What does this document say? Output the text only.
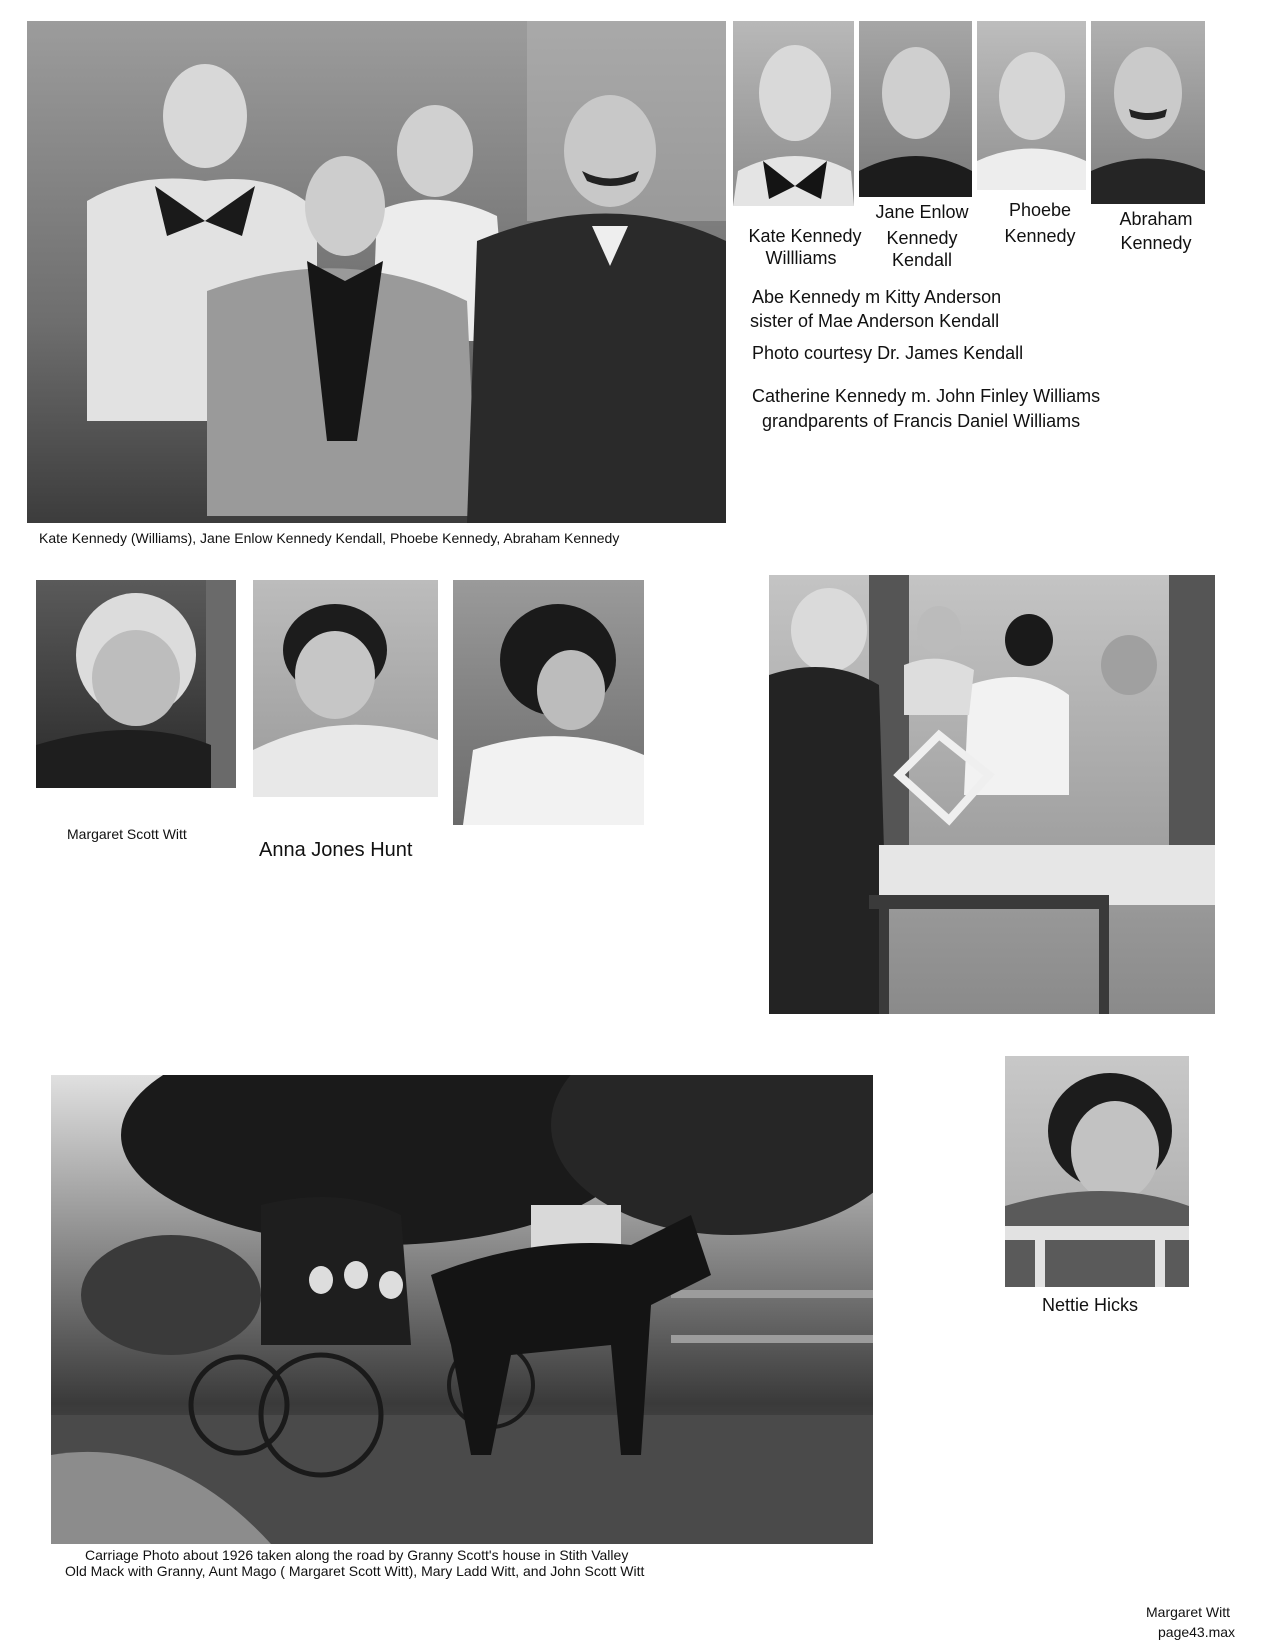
Kate Kennedy (Williams), Jane Enlow Kennedy Kendall, Phoebe Kennedy, Abraham Kennedy
Kate Kennedy
Willliams
Jane Enlow
Kennedy
Kendall
Phoebe
Kennedy
Abraham
Kennedy
Abe Kennedy m Kitty Anderson
sister of Mae Anderson Kendall
Photo courtesy Dr. James Kendall
Catherine Kennedy m. John Finley Williams
grandparents of Francis Daniel Williams
Margaret Scott Witt
Anna Jones Hunt
Carriage Photo about 1926 taken along the road by Granny Scott's house in Stith Valley
Old Mack with Granny, Aunt Mago ( Margaret Scott Witt), Mary Ladd Witt, and John Scott Witt
Nettie Hicks
Margaret Witt
page43.max
